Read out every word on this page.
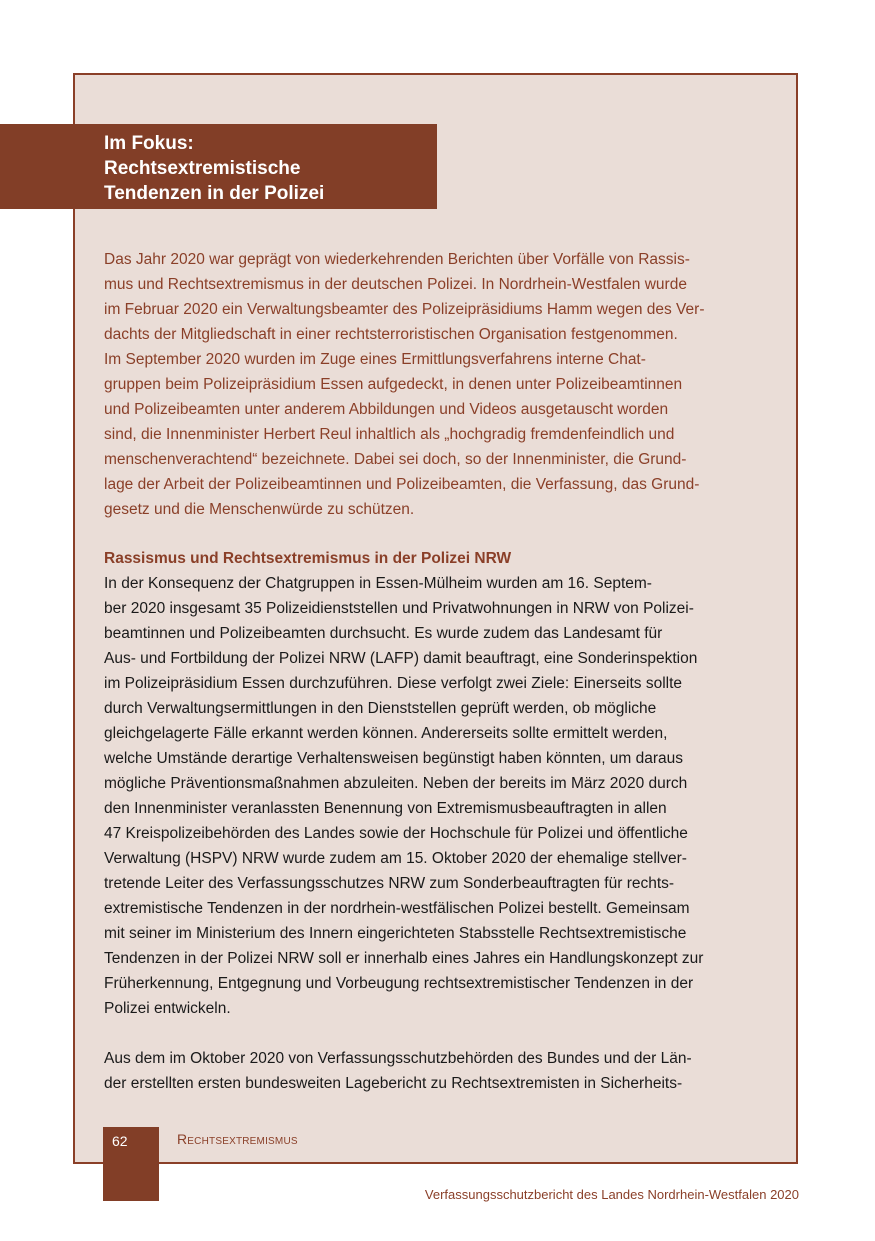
Im Fokus:
Rechtsextremistische
Tendenzen in der Polizei
Das Jahr 2020 war geprägt von wiederkehrenden Berichten über Vorfälle von Rassis-
mus und Rechtsextremismus in der deutschen Polizei. In Nordrhein-Westfalen wurde
im Februar 2020 ein Verwaltungsbeamter des Polizeipräsidiums Hamm wegen des Ver-
dachts der Mitgliedschaft in einer rechtsterroristischen Organisation festgenommen.
Im September 2020 wurden im Zuge eines Ermittlungsverfahrens interne Chat-
gruppen beim Polizeipräsidium Essen aufgedeckt, in denen unter Polizeibeamtinnen
und Polizeibeamten unter anderem Abbildungen und Videos ausgetauscht worden
sind, die Innenminister Herbert Reul inhaltlich als „hochgradig fremdenfeindlich und
menschenverachtend“ bezeichnete. Dabei sei doch, so der Innenminister, die Grund-
lage der Arbeit der Polizeibeamtinnen und Polizeibeamten, die Verfassung, das Grund-
gesetz und die Menschenwürde zu schützen.
Rassismus und Rechtsextremismus in der Polizei NRW
In der Konsequenz der Chatgruppen in Essen-Mülheim wurden am 16. Septem-
ber 2020 insgesamt 35 Polizeidienststellen und Privatwohnungen in NRW von Polizei-
beamtinnen und Polizeibeamten durchsucht. Es wurde zudem das Landesamt für
Aus- und Fortbildung der Polizei NRW (LAFP) damit beauftragt, eine Sonderinspektion
im Polizeipräsidium Essen durchzuführen. Diese verfolgt zwei Ziele: Einerseits sollte
durch Verwaltungsermittlungen in den Dienststellen geprüft werden, ob mögliche
gleichgelagerte Fälle erkannt werden können. Andererseits sollte ermittelt werden,
welche Umstände derartige Verhaltensweisen begünstigt haben könnten, um daraus
mögliche Präventionsmaßnahmen abzuleiten. Neben der bereits im März 2020 durch
den Innenminister veranlassten Benennung von Extremismusbeauftragten in allen
47 Kreispolizeibehörden des Landes sowie der Hochschule für Polizei und öffentliche
Verwaltung (HSPV) NRW wurde zudem am 15. Oktober 2020 der ehemalige stellver-
tretende Leiter des Verfassungsschutzes NRW zum Sonderbeauftragten für rechts-
extremistische Tendenzen in der nordrhein-westfälischen Polizei bestellt. Gemeinsam
mit seiner im Ministerium des Innern eingerichteten Stabsstelle Rechtsextremistische
Tendenzen in der Polizei NRW soll er innerhalb eines Jahres ein Handlungskonzept zur
Früherkennung, Entgegnung und Vorbeugung rechtsextremistischer Tendenzen in der
Polizei entwickeln.
Aus dem im Oktober 2020 von Verfassungsschutzbehörden des Bundes und der Län-
der erstellten ersten bundesweiten Lagebericht zu Rechtsextremisten in Sicherheits-
62	Rechtsextremismus
Verfassungsschutzbericht des Landes Nordrhein-Westfalen 2020
